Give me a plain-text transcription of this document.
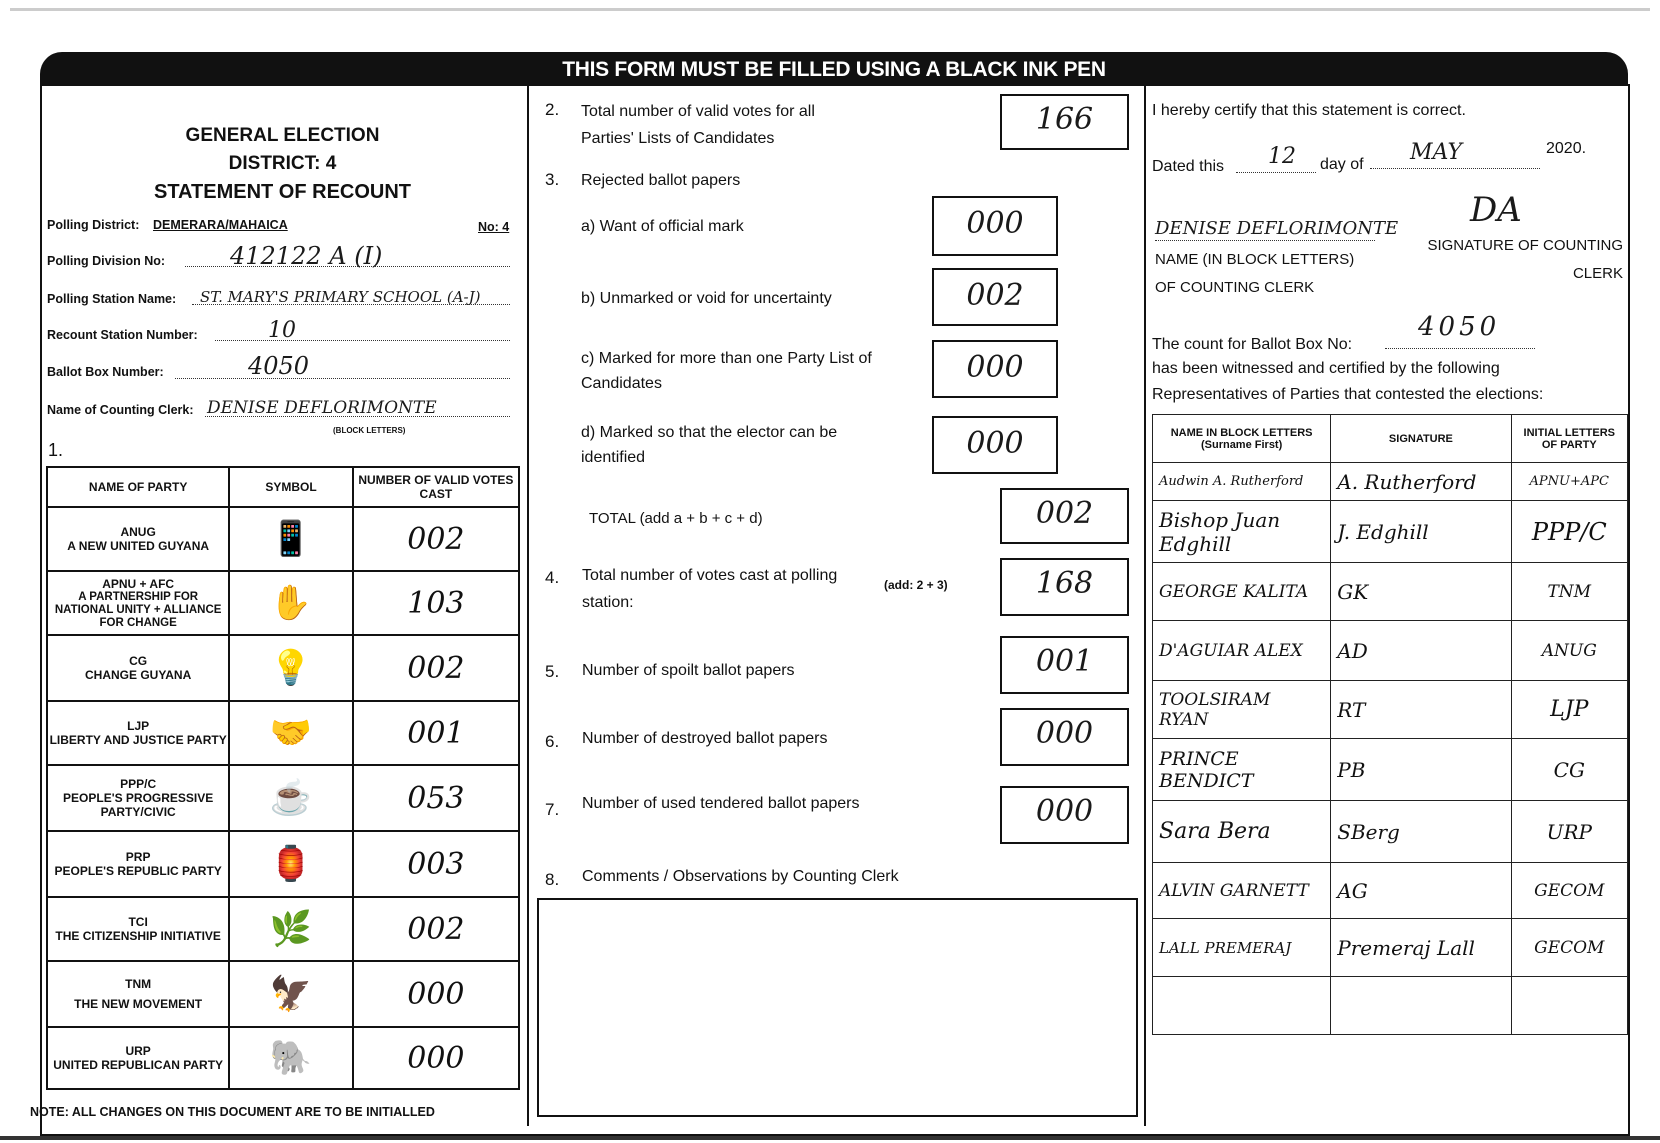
THIS FORM MUST BE FILLED USING A BLACK INK PEN
GENERAL ELECTION
DISTRICT: 4
STATEMENT OF RECOUNT
Polling District: DEMERARA/MAHAICA	No: 4
Polling Division No:	412122 A (I)
Polling Station Name: ST. MARY'S PRIMARY SCHOOL (A-J)
Recount Station Number:	10
Ballot Box Number:	4050
Name of Counting Clerk: DENISE DEFLORIMONTE
(BLOCK LETTERS)
1.
NAME OF PARTY	SYMBOL	NUMBER OF VALID VOTES CAST

ANUG
A NEW UNITED GUYANA	📱	002

APNU + AFC
A PARTNERSHIP FOR NATIONAL UNITY + ALLIANCE FOR CHANGE	✋	103

CG
CHANGE GUYANA	💡	002

LJP
LIBERTY AND JUSTICE PARTY	🤝	001

PPP/C
PEOPLE'S PROGRESSIVE PARTY/CIVIC	☕	053

PRP
PEOPLE'S REPUBLIC PARTY	🏮	003

TCI
THE CITIZENSHIP INITIATIVE	🌿	002

TNM
THE NEW MOVEMENT	🦅	000

URP
UNITED REPUBLICAN PARTY	🐘	000
NOTE: ALL CHANGES ON THIS DOCUMENT ARE TO BE INITIALLED
2. Total number of valid votes for all Parties' Lists of Candidates
166
3. Rejected ballot papers
a) Want of official mark	000
b) Unmarked or void for uncertainty	002
c) Marked for more than one Party List of Candidates	000
d) Marked so that the elector can be identified	000
TOTAL (add a + b + c + d)	002
4. Total number of votes cast at polling station:
(add: 2 + 3)	168
5. Number of spoilt ballot papers	001
6. Number of destroyed ballot papers	000
7. Number of used tendered ballot papers	000
8. Comments / Observations by Counting Clerk
I hereby certify that this statement is correct.
Dated this 12 day of MAY	2020.
DENISE DEFLORIMONTE DA
NAME (IN BLOCK LETTERS) OF COUNTING CLERK
SIGNATURE OF COUNTING CLERK
The count for Ballot Box No:
4050
has been witnessed and certified by the following Representatives of Parties that contested the elections:
NAME IN BLOCK LETTERS (Surname First)	SIGNATURE	INITIAL LETTERS OF PARTY
Audwin A. Rutherford	A. Rutherford	APNU+APC
Bishop Juan Edghill	J. Edghill	PPP/C
GEORGE KALITA	GK	TNM
D'AGUIAR ALEX	AD	ANUG
TOOLSIRAM RYAN	RT	LJP
PRINCE BENDICT	PB	CG
Sara Bera	SBerg	URP
ALVIN GARNETT	AG	GECOM
LALL PREMERAJ	Premeraj Lall	GECOM
